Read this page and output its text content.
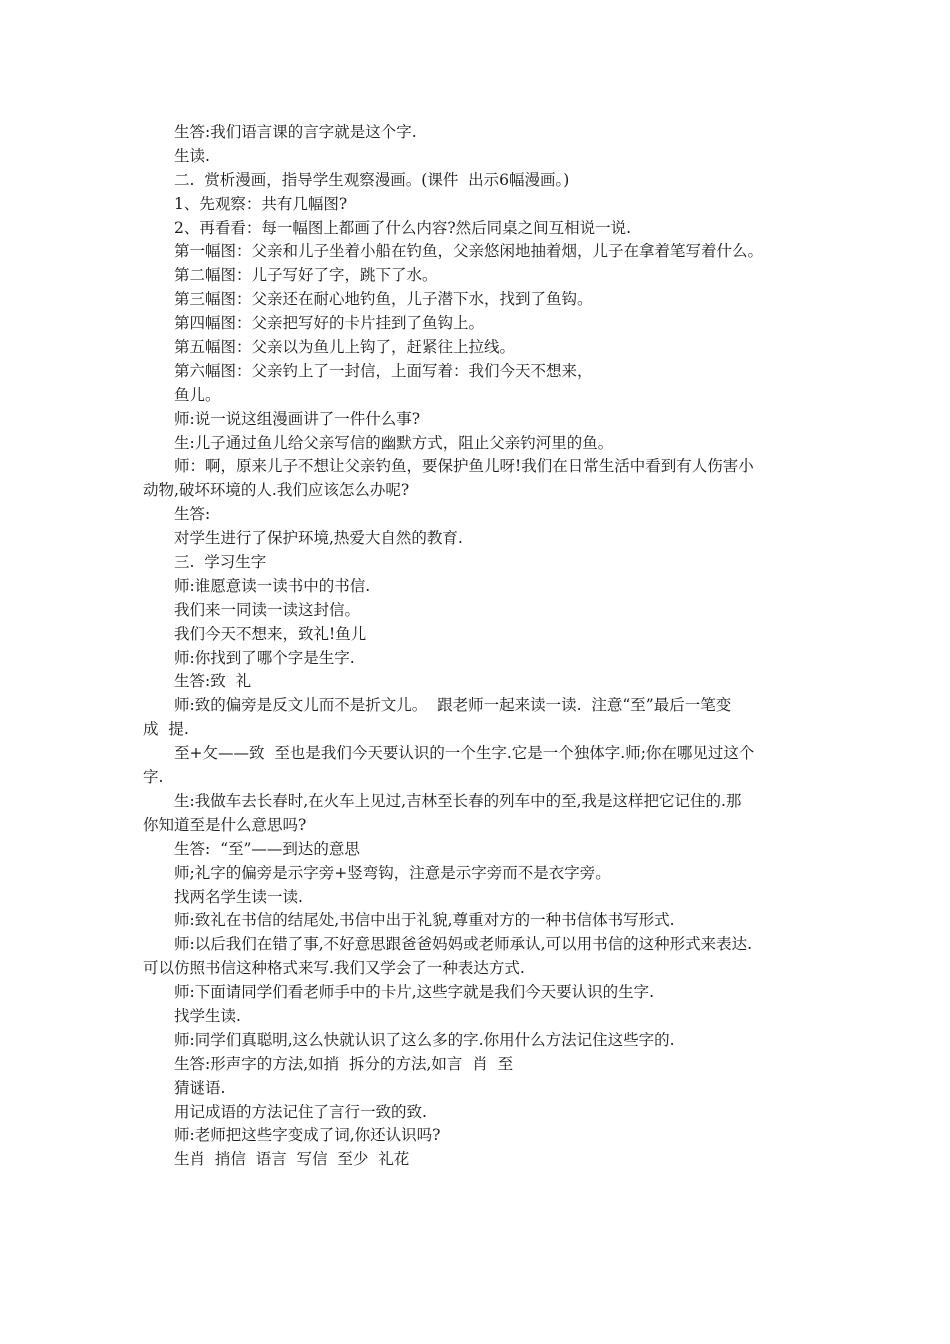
生答:我们语言课的言字就是这个字.
生读.
二.  赏析漫画，指导学生观察漫画。(课件  出示6幅漫画。)
1、先观察：共有几幅图?
2、再看看：每一幅图上都画了什么内容?然后同桌之间互相说一说.
第一幅图：父亲和儿子坐着小船在钓鱼，父亲悠闲地抽着烟，儿子在拿着笔写着什么。
第二幅图：儿子写好了字，跳下了水。
第三幅图：父亲还在耐心地钓鱼，儿子潜下水，找到了鱼钩。
第四幅图：父亲把写好的卡片挂到了鱼钩上。
第五幅图：父亲以为鱼儿上钩了，赶紧往上拉线。
第六幅图：父亲钓上了一封信，上面写着：我们今天不想来，
鱼儿。
师:说一说这组漫画讲了一件什么事?
生:儿子通过鱼儿给父亲写信的幽默方式，阻止父亲钓河里的鱼。
师：啊，原来儿子不想让父亲钓鱼，要保护鱼儿呀!我们在日常生活中看到有人伤害小
动物,破坏环境的人.我们应该怎么办呢?
生答:
对学生进行了保护环境,热爱大自然的教育.
三.  学习生字
师:谁愿意读一读书中的书信.
我们来一同读一读这封信。
我们今天不想来，致礼!鱼儿
师:你找到了哪个字是生字.
生答:致  礼
师:致的偏旁是反文儿而不是折文儿。  跟老师一起来读一读.  注意“至”最后一笔变
成  提.
至+攵——致  至也是我们今天要认识的一个生字.它是一个独体字.师;你在哪见过这个
字.
生:我做车去长春时,在火车上见过,吉林至长春的列车中的至,我是这样把它记住的.那
你知道至是什么意思吗?
生答:  “至”——到达的意思
师;礼字的偏旁是示字旁+竖弯钩，注意是示字旁而不是衣字旁。
找两名学生读一读.
师:致礼在书信的结尾处,书信中出于礼貌,尊重对方的一种书信体书写形式.
师:以后我们在错了事,不好意思跟爸爸妈妈或老师承认,可以用书信的这种形式来表达.
可以仿照书信这种格式来写.我们又学会了一种表达方式.
师:下面请同学们看老师手中的卡片,这些字就是我们今天要认识的生字.
找学生读.
师:同学们真聪明,这么快就认识了这么多的字.你用什么方法记住这些字的.
生答:形声字的方法,如捎  拆分的方法,如言  肖  至
猜谜语.
用记成语的方法记住了言行一致的致.
师:老师把这些字变成了词,你还认识吗?
生肖  捎信  语言  写信  至少  礼花
